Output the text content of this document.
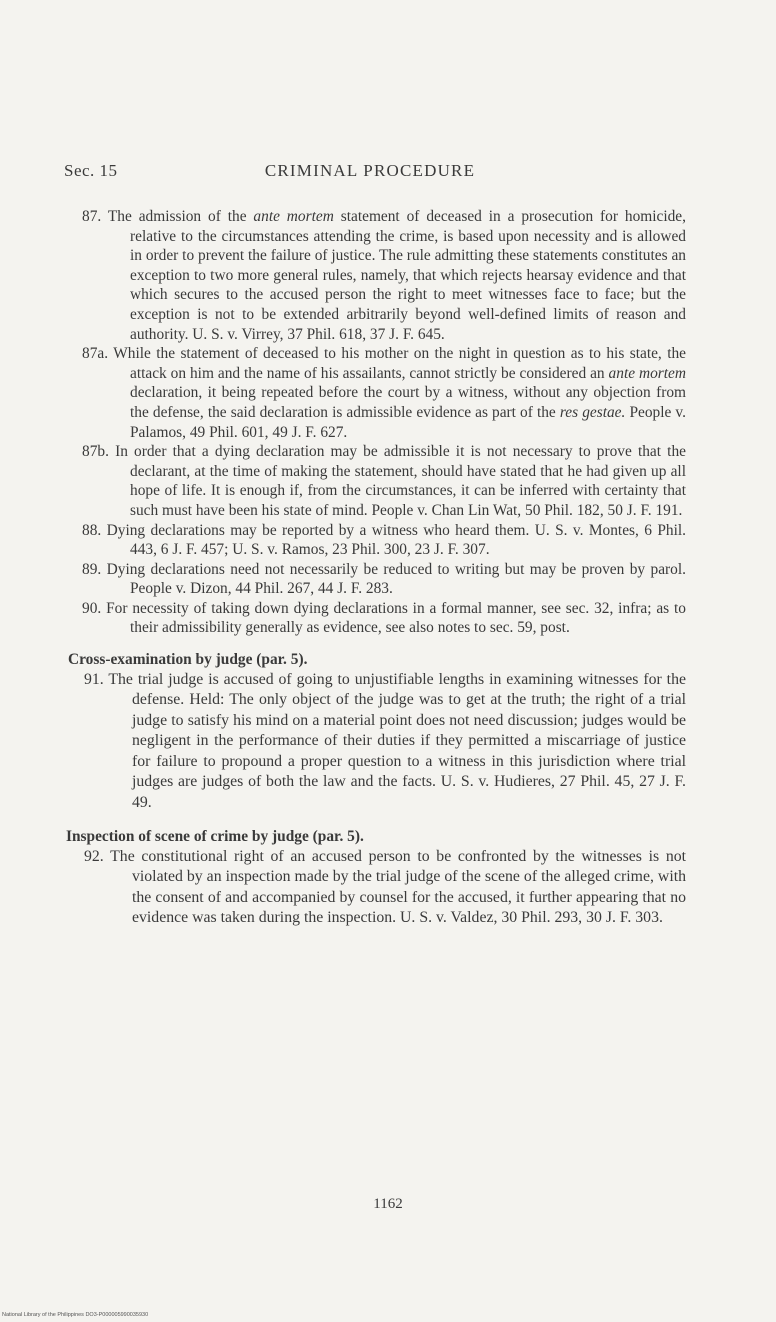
Sec. 15	CRIMINAL PROCEDURE

87. The admission of the ante mortem statement of deceased in a prosecution for homicide, relative to the circumstances attending the crime, is based upon necessity and is allowed in order to prevent the failure of justice. The rule admitting these statements constitutes an exception to two more general rules, namely, that which rejects hearsay evidence and that which secures to the accused person the right to meet witnesses face to face; but the exception is not to be extended arbitrarily beyond well-defined limits of reason and authority. U. S. v. Virrey, 37 Phil. 618, 37 J. F. 645.

87a. While the statement of deceased to his mother on the night in question as to his state, the attack on him and the name of his assailants, cannot strictly be considered an ante mortem declaration, it being repeated before the court by a witness, without any objection from the defense, the said declaration is admissible evidence as part of the res gestae. People v. Palamos, 49 Phil. 601, 49 J. F. 627.

87b. In order that a dying declaration may be admissible it is not necessary to prove that the declarant, at the time of making the statement, should have stated that he had given up all hope of life. It is enough if, from the circumstances, it can be inferred with certainty that such must have been his state of mind. People v. Chan Lin Wat, 50 Phil. 182, 50 J. F. 191.

88. Dying declarations may be reported by a witness who heard them. U. S. v. Montes, 6 Phil. 443, 6 J. F. 457; U. S. v. Ramos, 23 Phil. 300, 23 J. F. 307.

89. Dying declarations need not necessarily be reduced to writing but may be proven by parol. People v. Dizon, 44 Phil. 267, 44 J. F. 283.

90. For necessity of taking down dying declarations in a formal manner, see sec. 32, infra; as to their admissibility generally as evidence, see also notes to sec. 59, post.

Cross-examination by judge (par. 5).

91. The trial judge is accused of going to unjustifiable lengths in examining witnesses for the defense. Held: The only object of the judge was to get at the truth; the right of a trial judge to satisfy his mind on a material point does not need discussion; judges would be negligent in the performance of their duties if they permitted a miscarriage of justice for failure to propound a proper question to a witness in this jurisdiction where trial judges are judges of both the law and the facts. U. S. v. Hudieres, 27 Phil. 45, 27 J. F. 49.

Inspection of scene of crime by judge (par. 5).

92. The constitutional right of an accused person to be confronted by the witnesses is not violated by an inspection made by the trial judge of the scene of the alleged crime, with the consent of and accompanied by counsel for the accused, it further appearing that no evidence was taken during the inspection. U. S. v. Valdez, 30 Phil. 293, 30 J. F. 303.

1162
National Library of the Philippines DO3-P000005990035930
